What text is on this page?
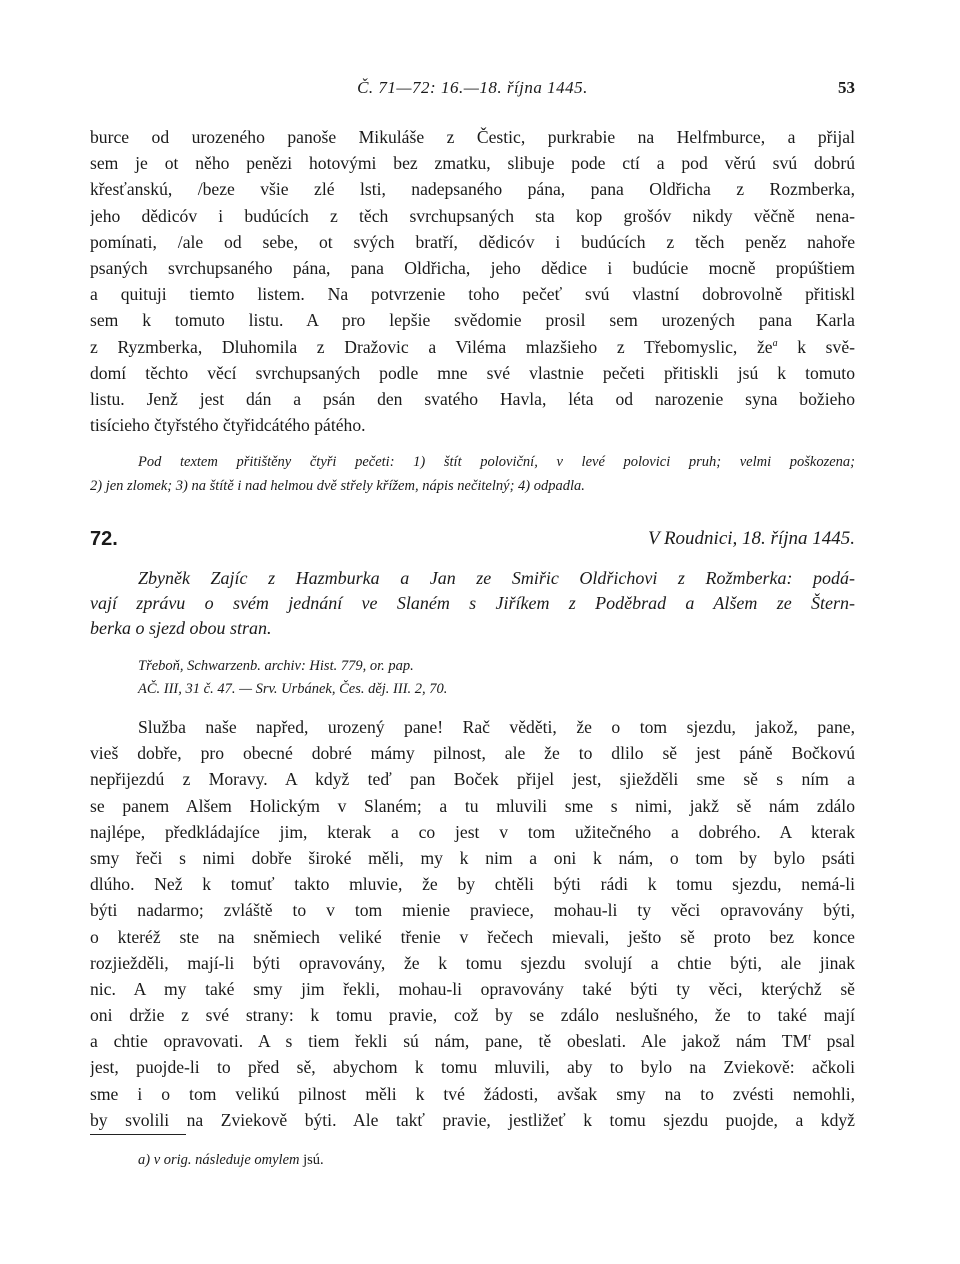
Č. 71—72: 16.—18. října 1445.	53
burce od urozeného panoše Mikuláše z Čestic, purkrabie na Helfmburce, a přijal
sem je ot něho penězi hotovými bez zmatku, slibuje pode ctí a pod věrú svú dobrú
křesťanskú, /beze všie zlé lsti, nadepsaného pána, pana Oldřicha z Rozmberka,
jeho dědicóv i budúcích z těch svrchupsaných sta kop grošóv nikdy věčně nena-
pomínati, /ale od sebe, ot svých bratří, dědicóv i budúcích z těch peněz nahoře
psaných svrchupsaného pána, pana Oldřicha, jeho dědice i budúcie mocně propúštiem
a quituji tiemto listem. Na potvrzenie toho pečeť svú vlastní dobrovolně přitiskl
sem k tomuto listu. A pro lepšie svědomie prosil sem urozených pana Karla
z Ryzmberka, Dluhomila z Dražovic a Viléma mlazšieho z Třebomyslic, $že^a$ k svě-
domí těchto věcí svrchupsaných podle mne své vlastnie pečeti přitiskli jsú k tomuto
listu. Jenž jest dán a psán den svatého Havla, léta od narozenie syna božieho
tisícieho čtyřstého čtyřidcátého pátého.
Pod textem přitištěny čtyři pečeti: 1) štít poloviční, v levé polovici pruh; velmi poškozena;
2) jen zlomek; 3) na štítě i nad helmou dvě střely křížem, nápis nečitelný; 4) odpadla.
72.	V Roudnici, 18. října 1445.
Zbyněk Zajíc z Hazmburka a Jan ze Smiřic Oldřichovi z Rožmberka: podá-
vají zprávu o svém jednání ve Slaném s Jiříkem z Poděbrad a Alšem ze Štern-
berka o sjezd obou stran.
Třeboň, Schwarzenb. archiv: Hist. 779, or. pap.
AČ. III, 31 č. 47. — Srv. Urbánek, Čes. děj. III. 2, 70.
Služba naše napřed, urozený pane! Rač věděti, že o tom sjezdu, jakož, pane,
vieš dobře, pro obecné dobré mámy pilnost, ale že to dlilo sě jest páně Bočkovú
nepřijezdú z Moravy. A když teď pan Boček přijel jest, sjiežděli sme sě s ním a
se panem Alšem Holickým v Slaném; a tu mluvili sme s nimi, jakž sě nám zdálo
najlépe, předkládajíce jim, kterak a co jest v tom užitečného a dobrého. A kterak
smy řeči s nimi dobře široké měli, my k nim a oni k nám, o tom by bylo psáti
dlúho. Než k tomuť takto mluvie, že by chtěli býti rádi k tomu sjezdu, nemá-li
býti nadarmo; zvláště to v tom mienie praviece, mohau-li ty věci opravovány býti,
o kteréž ste na sněmiech veliké třenie v řečech mievali, ješto sě proto bez konce
rozjiežděli, mají-li býti opravovány, že k tomu sjezdu svolují a chtie býti, ale jinak
nic. A my také smy jim řekli, mohau-li opravovány také býti ty věci, kterýchž sě
oni držie z své strany: k tomu pravie, což by se zdálo neslušného, že to také mají
a chtie opravovati. A s tiem řekli sú nám, pane, tě obeslati. Ale jakož nám $TM^t$ psal
jest, puojde-li to před sě, abychom k tomu mluvili, aby to bylo na Zviekově: ačkoli
sme i o tom velikú pilnost měli k tvé žádosti, avšak smy na to zvésti nemohli,
by svolili na Zviekově býti. Ale takť pravie, jestližeť k tomu sjezdu puojde, a když
a) v orig. následuje omylem jsú.
